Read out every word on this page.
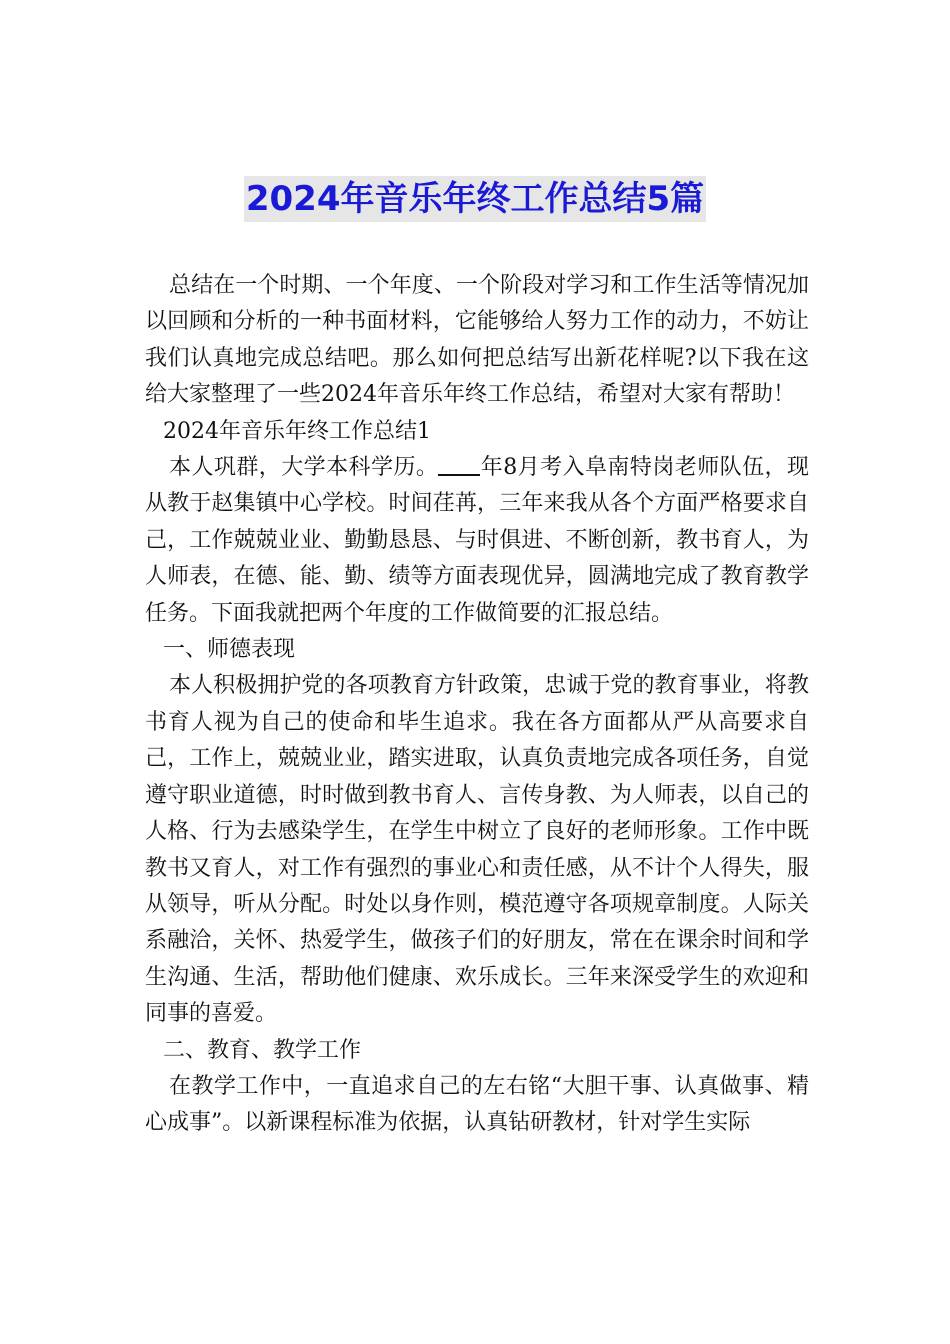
2024年音乐年终工作总结5篇

总结在一个时期、一个年度、一个阶段对学习和工作生活等情况加以回顾和分析的一种书面材料，它能够给人努力工作的动力，不妨让我们认真地完成总结吧。那么如何把总结写出新花样呢?以下我在这给大家整理了一些2024年音乐年终工作总结，希望对大家有帮助！

2024年音乐年终工作总结1

本人巩群，大学本科学历。 年8月考入阜南特岗老师队伍，现从教于赵集镇中心学校。时间荏苒，三年来我从各个方面严格要求自己，工作兢兢业业、勤勤恳恳、与时俱进、不断创新，教书育人，为人师表，在德、能、勤、绩等方面表现优异，圆满地完成了教育教学任务。下面我就把两个年度的工作做简要的汇报总结。

一、师德表现

本人积极拥护党的各项教育方针政策，忠诚于党的教育事业，将教书育人视为自己的使命和毕生追求。我在各方面都从严从高要求自己，工作上，兢兢业业，踏实进取，认真负责地完成各项任务，自觉遵守职业道德，时时做到教书育人、言传身教、为人师表，以自己的人格、行为去感染学生，在学生中树立了良好的老师形象。工作中既教书又育人，对工作有强烈的事业心和责任感，从不计个人得失，服从领导，听从分配。时处以身作则，模范遵守各项规章制度。人际关系融洽，关怀、热爱学生，做孩子们的好朋友，常在在课余时间和学生沟通、生活，帮助他们健康、欢乐成长。三年来深受学生的欢迎和同事的喜爱。

二、教育、教学工作

在教学工作中，一直追求自己的左右铭“大胆干事、认真做事、精心成事”。以新课程标准为依据，认真钻研教材，针对学生实际
